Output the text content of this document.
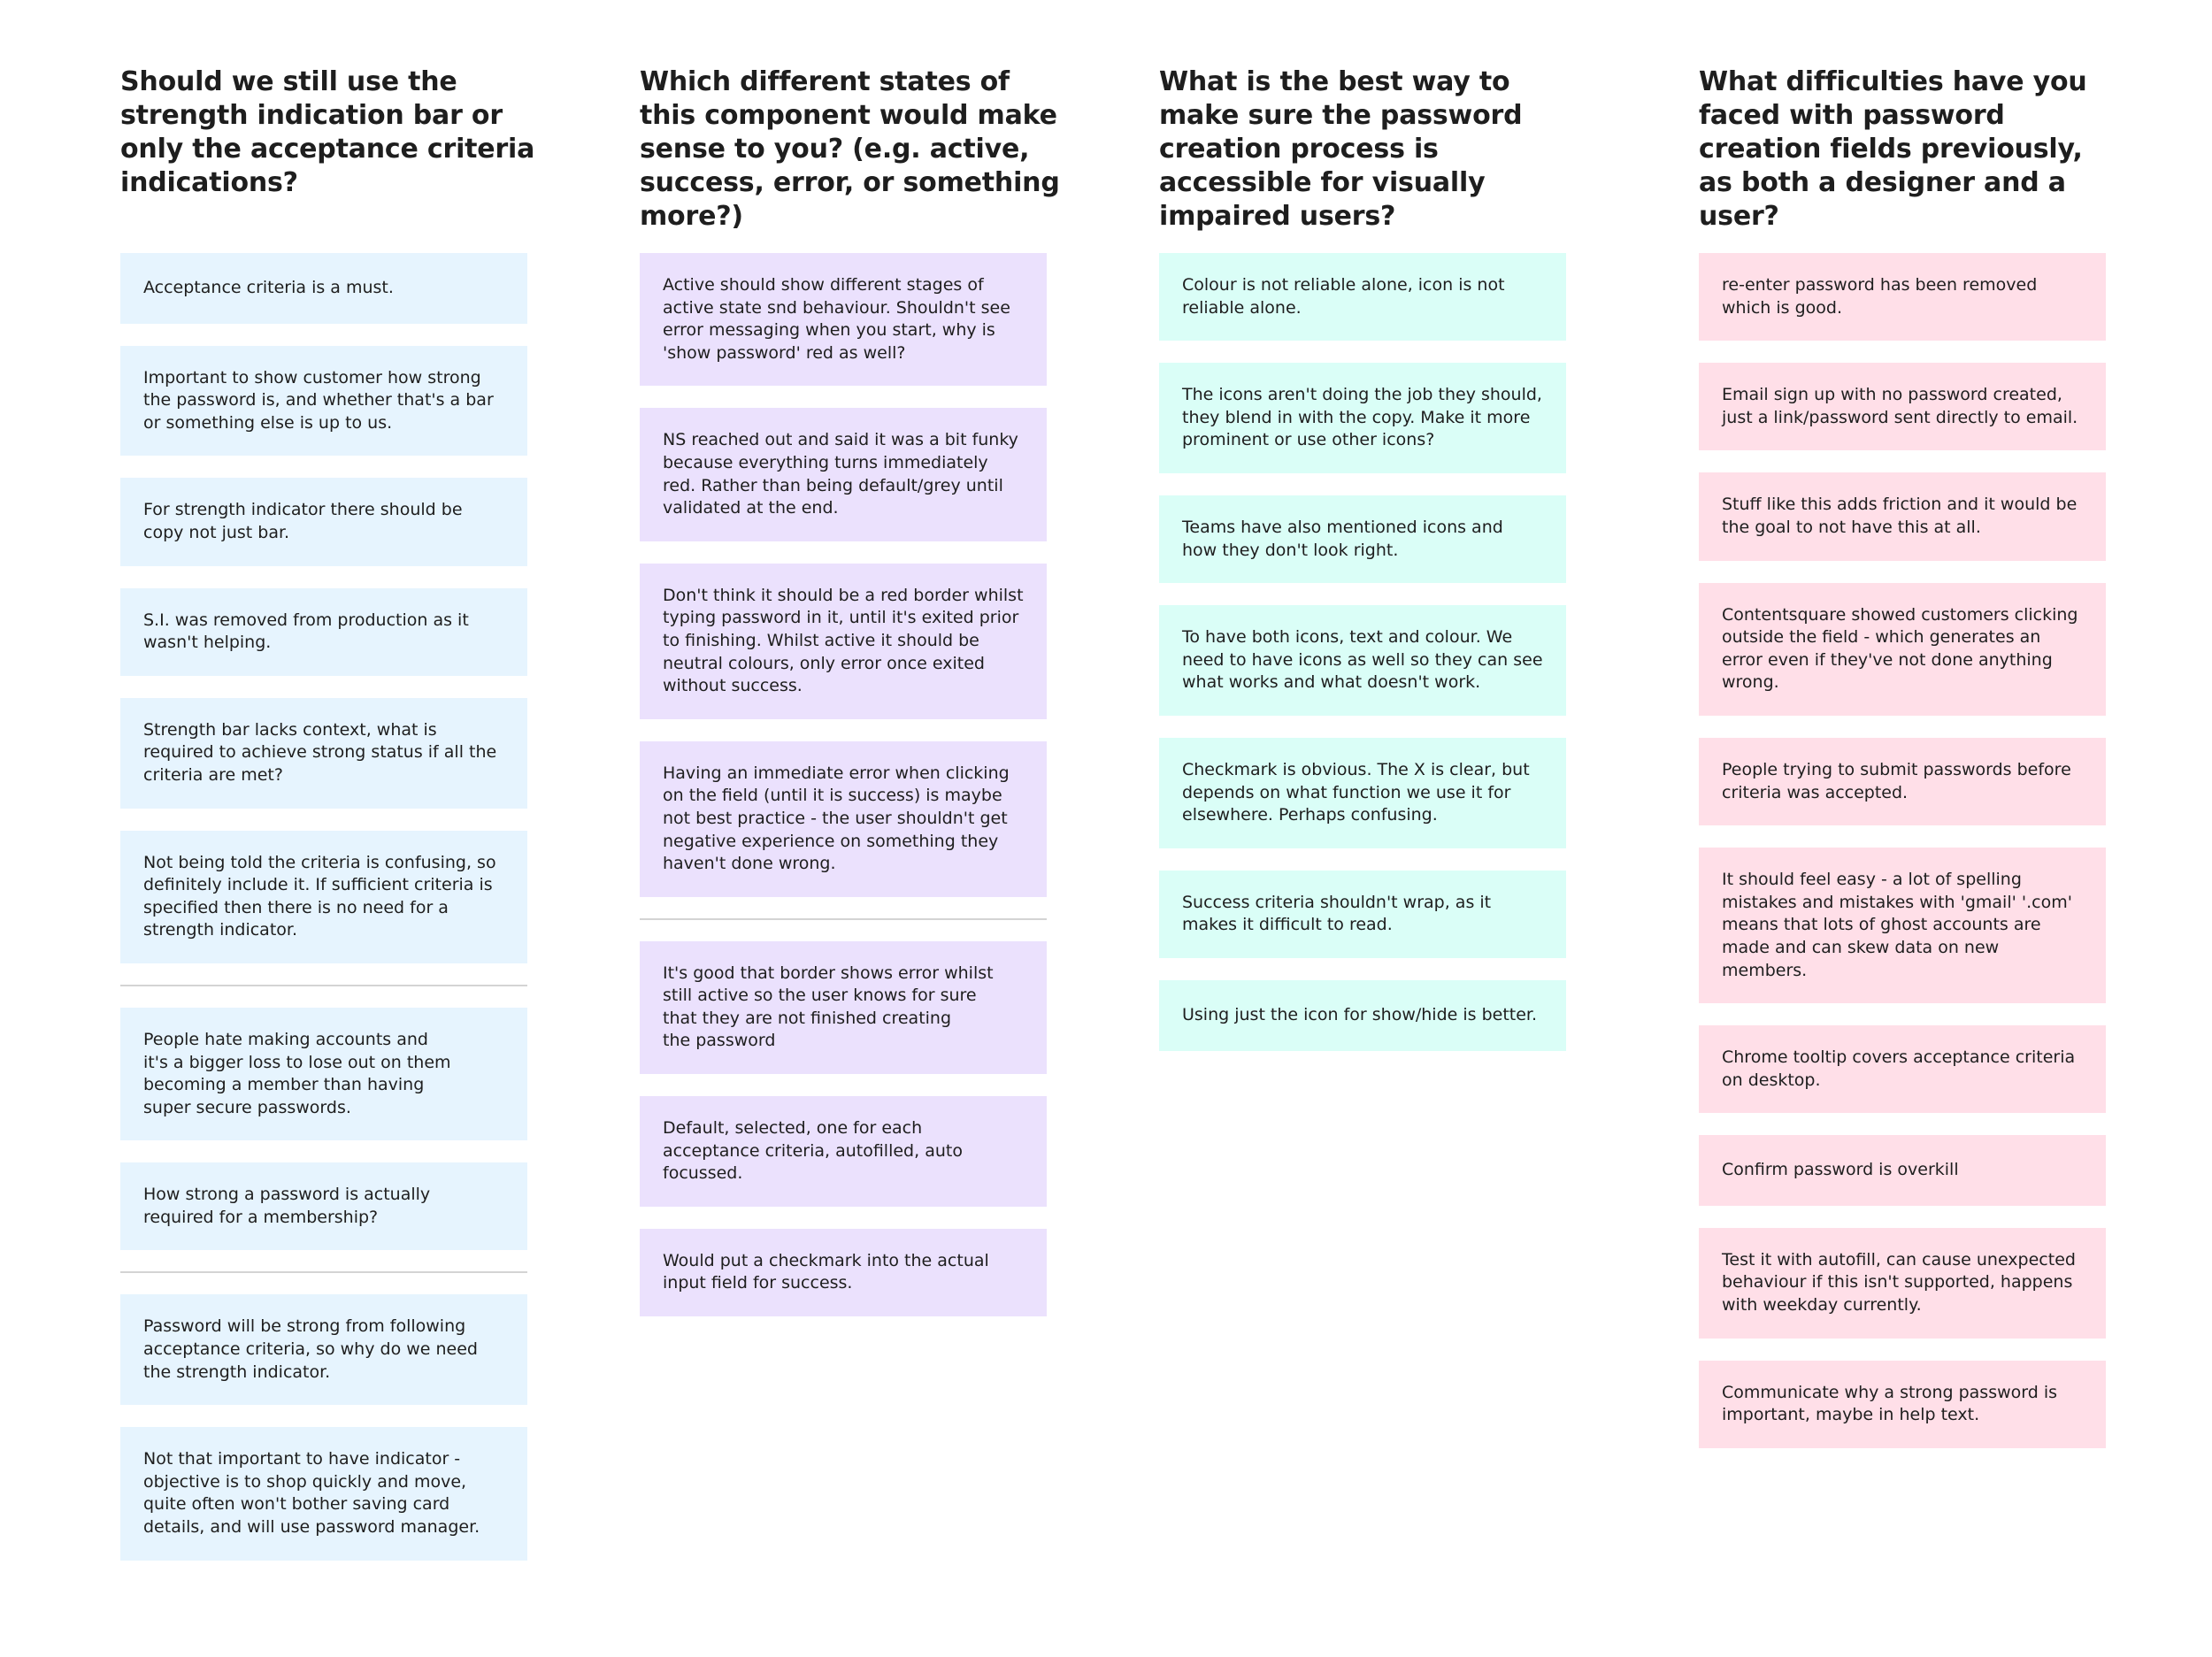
Should we still use the strength indication bar or only the acceptance criteria indications?
Acceptance criteria is a must.
Important to show customer how strong the password is, and whether that's a bar or something else is up to us.
For strength indicator there should be copy not just bar.
S.I. was removed from production as it wasn't helping.
Strength bar lacks context, what is required to achieve strong status if all the criteria are met?
Not being told the criteria is confusing, so definitely include it. If sufficient criteria is specified then there is no need for a strength indicator.
People hate making accounts and
it's a bigger loss to lose out on them
becoming a member than having
super secure passwords.
How strong a password is actually required for a membership?
Password will be strong from following acceptance criteria, so why do we need the strength indicator.
Not that important to have indicator - objective is to shop quickly and move, quite often won't bother saving card details, and will use password manager.
Which different states of this component would make sense to you? (e.g. active, success, error, or something more?)
Active should show different stages of active state snd behaviour. Shouldn't see error messaging when you start, why is 'show password' red as well?
NS reached out and said it was a bit funky because everything turns immediately red. Rather than being default/grey until validated at the end.
Don't think it should be a red border whilst typing password in it, until it's exited prior to finishing. Whilst active it should be neutral colours, only error once exited without success.
Having an immediate error when clicking on the field (until it is success) is maybe not best practice - the user shouldn't get negative experience on something they haven't done wrong.
It's good that border shows error whilst
still active so the user knows for sure
that they are not finished creating
the password
Default, selected, one for each acceptance criteria, autofilled, auto focussed.
Would put a checkmark into the actual input field for success.
What is the best way to make sure the password creation process is accessible for visually impaired users?
Colour is not reliable alone, icon is not reliable alone.
The icons aren't doing the job they should, they blend in with the copy. Make it more prominent or use other icons?
Teams have also mentioned icons and how they don't look right.
To have both icons, text and colour. We need to have icons as well so they can see what works and what doesn't work.
Checkmark is obvious. The X is clear, but depends on what function we use it for elsewhere. Perhaps confusing.
Success criteria shouldn't wrap, as it makes it difficult to read.
Using just the icon for show/hide is better.
What difficulties have you faced with password creation fields previously, as both a designer and a user?
re-enter password has been removed which is good.
Email sign up with no password created, just a link/password sent directly to email.
Stuff like this adds friction and it would be the goal to not have this at all.
Contentsquare showed customers clicking outside the field - which generates an error even if they've not done anything wrong.
People trying to submit passwords before criteria was accepted.
It should feel easy - a lot of spelling mistakes and mistakes with 'gmail' '.com' means that lots of ghost accounts are made and can skew data on new members.
Chrome tooltip covers acceptance criteria on desktop.
Confirm password is overkill
Test it with autofill, can cause unexpected behaviour if this isn't supported, happens with weekday currently.
Communicate why a strong password is important, maybe in help text.
